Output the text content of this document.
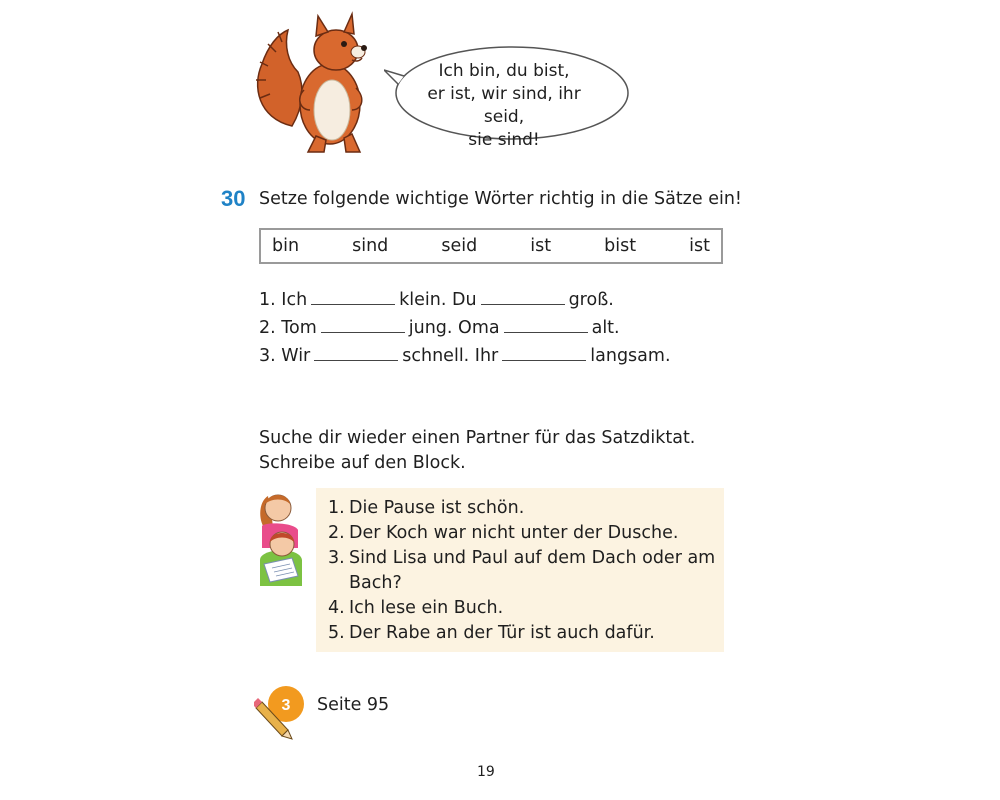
Ich bin, du bist,
er ist, wir sind, ihr seid,
sie sind!
30 Setze folgende wichtige Wörter richtig in die Sätze ein!
bin	sind	seid	ist	bist	ist
1. Ich	klein. Du	groß.
2. Tom	jung. Oma	alt.
3. Wir	schnell. Ihr	langsam.
Suche dir wieder einen Partner für das Satzdiktat.
Schreibe auf den Block.
1. Die Pause ist schön.
2. Der Koch war nicht unter der Dusche.
3. Sind Lisa und Paul auf dem Dach oder am Bach?
4. Ich lese ein Buch.
5. Der Rabe an der Tür ist auch dafür.
3 Seite 95
19
